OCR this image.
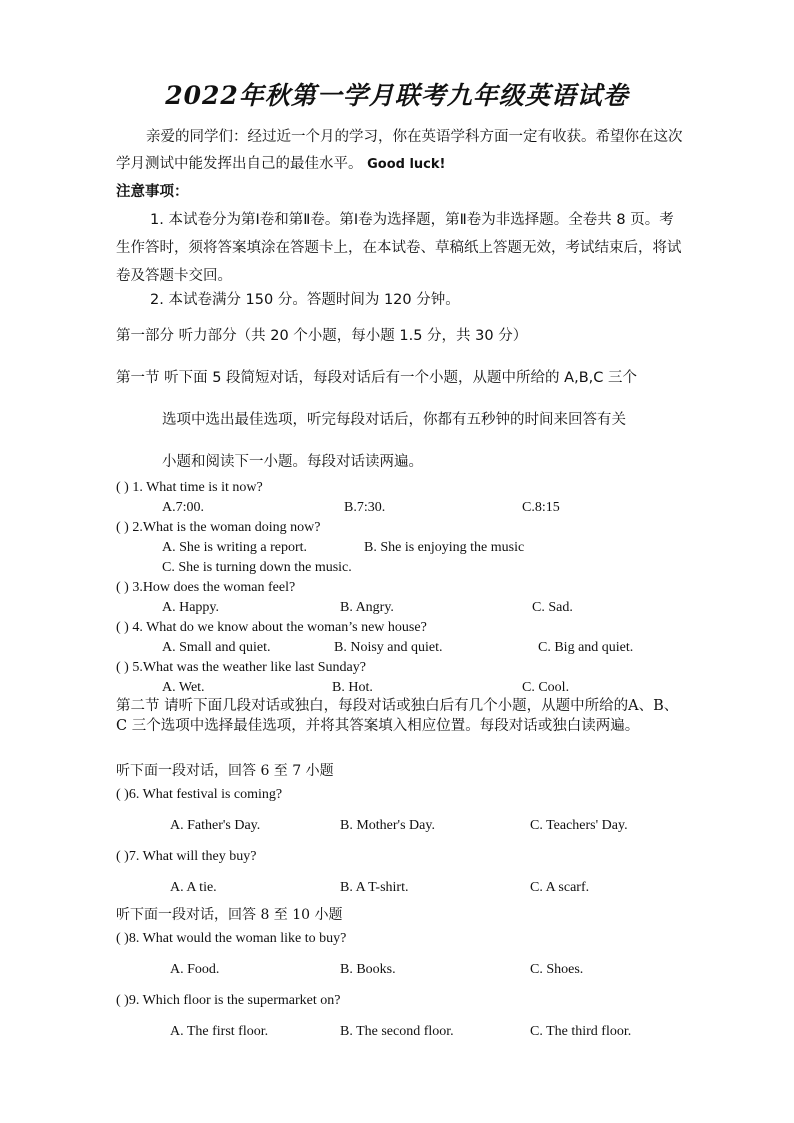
2022年秋第一学月联考九年级英语试卷
亲爱的同学们：经过近一个月的学习，你在英语学科方面一定有收获。希望你在这次学月测试中能发挥出自己的最佳水平。 Good luck!
注意事项：
1. 本试卷分为第Ⅰ卷和第Ⅱ卷。第Ⅰ卷为选择题，第Ⅱ卷为非选择题。全卷共 8 页。考生作答时，须将答案填涂在答题卡上，在本试卷、草稿纸上答题无效，考试结束后，将试卷及答题卡交回。
2. 本试卷满分 150 分。答题时间为 120 分钟。
第一部分 听力部分（共 20 个小题，每小题 1.5 分，共 30 分）
第一节 听下面 5 段简短对话，每段对话后有一个小题，从题中所给的 A,B,C 三个
选项中选出最佳选项，听完每段对话后，你都有五秒钟的时间来回答有关
小题和阅读下一小题。每段对话读两遍。
( ) 1. What time is it now?
A.7:00.	B.7:30.	C.8:15
( ) 2.What is the woman doing now?
A. She is writing a report.	B. She is enjoying the music
C. She is turning down the music.
( ) 3.How does the woman feel?
A. Happy.	B. Angry.	C. Sad.
( ) 4. What do we know about the woman’s new house?
A. Small and quiet.	B. Noisy and quiet.	C. Big and quiet.
( ) 5.What was the weather like last Sunday?
A. Wet.	B. Hot.	C. Cool.
第二节 请听下面几段对话或独白，每段对话或独白后有几个小题，从题中所给的A、B、C 三个选项中选择最佳选项，并将其答案填入相应位置。每段对话或独白读两遍。
听下面一段对话，回答 6 至 7 小题
( )6. What festival is coming?
A. Father's Day.	B. Mother's Day.	C. Teachers' Day.
( )7. What will they buy?
A. A tie.	B. A T-shirt.	C. A scarf.
听下面一段对话，回答 8 至 10 小题
( )8. What would the woman like to buy?
A. Food.	B. Books.	C. Shoes.
( )9. Which floor is the supermarket on?
A. The first floor.	B. The second floor.	C. The third floor.
